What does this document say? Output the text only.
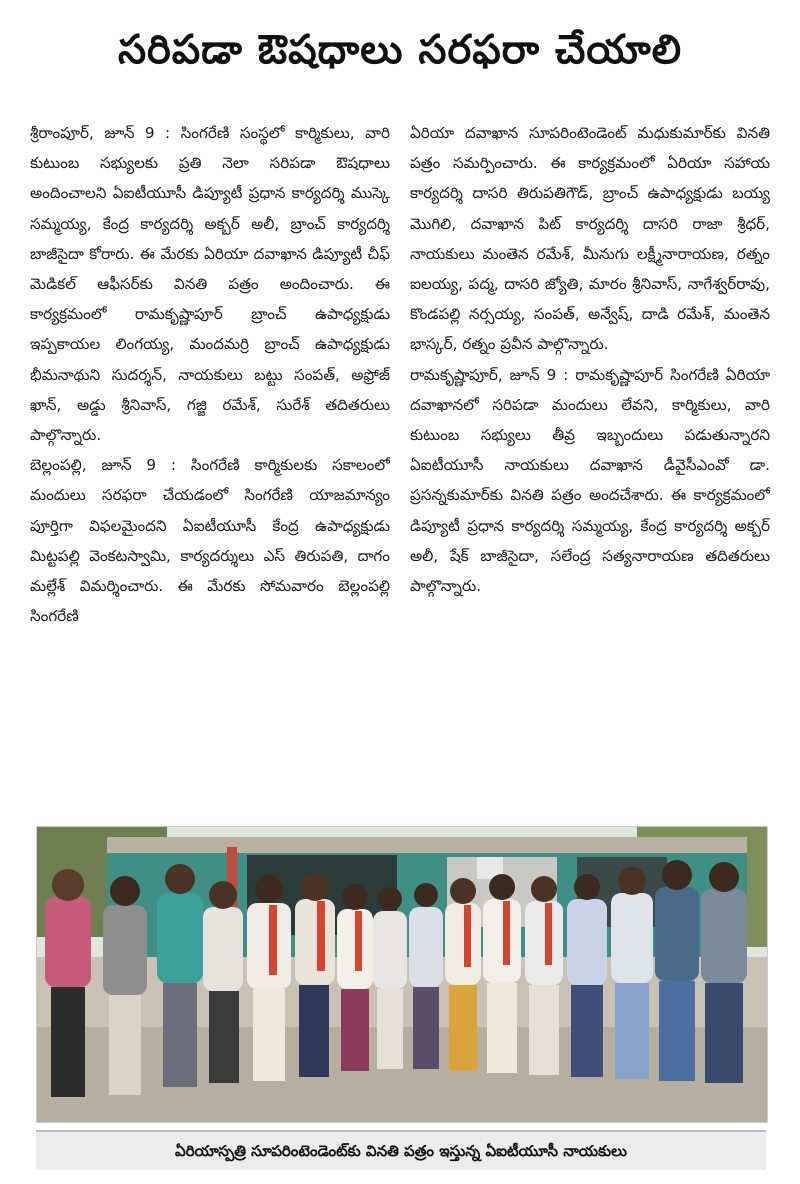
సరిపడా ఔషధాలు సరఫరా చేయాలి

శ్రీరాంపూర్, జూన్ 9 : సింగరేణి సంస్థలో కార్మికులు, వారి కుటుంబ సభ్యులకు ప్రతి నెలా సరిపడా ఔషధాలు అందించాలని ఏఐటీయూసీ డిప్యూటీ ప్రధాన కార్యదర్శి ముస్కె సమ్మయ్య, కేంద్ర కార్యదర్శి అక్బర్ అలీ, బ్రాంచ్ కార్యదర్శి బాజీసైదా కోరారు. ఈ మేరకు ఏరియా దవాఖాన డిప్యూటీ చీఫ్ మెడికల్ ఆఫీసర్‌కు వినతి పత్రం అందించారు. ఈ కార్యక్రమంలో రామకృష్ణాపూర్ బ్రాంచ్ ఉపాధ్యక్షుడు ఇప్పకాయల లింగయ్య, మందమర్రి బ్రాంచ్ ఉపాధ్యక్షుడు భీమనాథుని సుదర్శన్, నాయకులు బట్టు సంపత్, అఫ్రోజ్ ఖాన్, అడ్డు శ్రీనివాస్, గజ్జి రమేశ్, సురేశ్ తదితరులు పాల్గొన్నారు.

బెల్లంపల్లి, జూన్ 9 : సింగరేణి కార్మికులకు సకాలంలో మందులు సరఫరా చేయడంలో సింగరేణి యాజమాన్యం పూర్తిగా విఫలమైందని ఏఐటీయూసీ కేంద్ర ఉపాధ్యక్షుడు మిట్టపల్లి వెంకటస్వామి, కార్యదర్శులు ఎస్ తిరుపతి, దాగం మల్లేశ్ విమర్శించారు. ఈ మేరకు సోమవారం బెల్లంపల్లి సింగరేణి

ఏరియా దవాఖాన సూపరింటెండెంట్ మధుకుమార్‌కు వినతి పత్రం సమర్పించారు. ఈ కార్యక్రమంలో ఏరియా సహాయ కార్యదర్శి దాసరి తిరుపతిగౌడ్, బ్రాంచ్ ఉపాధ్యక్షుడు బయ్య మొగిలి, దవాఖాన పిట్ కార్యదర్శి దాసరి రాజా శ్రీధర్, నాయకులు మంతెన రమేశ్, మీనుగు లక్ష్మీనారాయణ, రత్నం ఐలయ్య, పద్మ, దాసరి జ్యోతి, మారం శ్రీనివాస్, నాగేశ్వర్‌రావు, కొండపల్లి నర్సయ్య, సంపత్, అన్వేష్, దాడి రమేశ్, మంతెన భాస్కర్, రత్నం ప్రవీన పాల్గొన్నారు.

రామకృష్ణాపూర్, జూన్ 9 : రామకృష్ణాపూర్ సింగరేణి ఏరియా దవాఖానలో సరిపడా మందులు లేవని, కార్మికులు, వారి కుటుంబ సభ్యులు తీవ్ర ఇబ్బందులు పడుతున్నారని ఏఐటీయూసీ నాయకులు దవాఖాన డీవైసీఎంవో డా. ప్రసన్నకుమార్‌కు వినతి పత్రం అందచేశారు. ఈ కార్యక్రమంలో డిప్యూటీ ప్రధాన కార్యదర్శి సమ్మయ్య, కేంద్ర కార్యదర్శి అక్బర్ అలీ, షేక్ బాజీసైదా, సలేంద్ర సత్యనారాయణ తదితరులు పాల్గొన్నారు.

ఏరియాస్పత్రి సూపరింటెండెంట్‌కు వినతి పత్రం ఇస్తున్న ఏఐటీయూసీ నాయకులు
